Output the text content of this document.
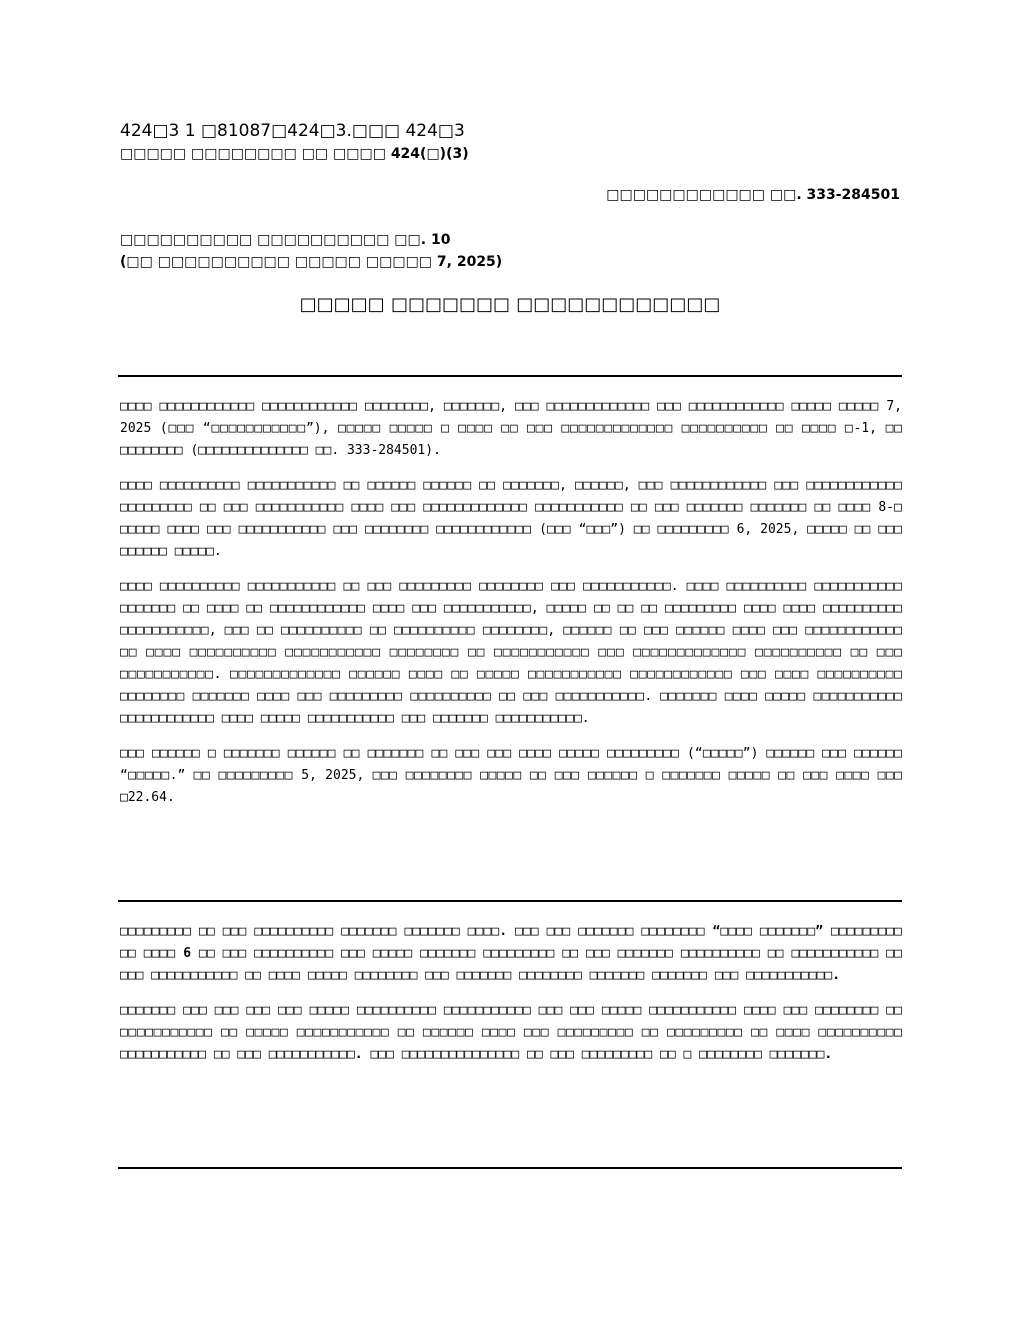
424□3 1 □81087□424□3.□□□ 424□3
□□□□□ □□□□□□□□ □□ □□□□ 424(□)(3)
□□□□□□□□□□□□ □□. 333-284501
□□□□□□□□□□ □□□□□□□□□□ □□. 10
(□□ □□□□□□□□□□ □□□□□ □□□□□ 7, 2025)
□□□□□ □□□□□□□ □□□□□□□□□□□□

□□□□ □□□□□□□□□□□□ □□□□□□□□□□□□ □□□□□□□□, □□□□□□□, □□□ □□□□□□□□□□□□□ □□□ □□□□□□□□□□□□ □□□□□ □□□□□ 7, 2025 (□□□ “□□□□□□□□□□□”), □□□□□ □□□□□ □ □□□□ □□ □□□ □□□□□□□□□□□□□ □□□□□□□□□□ □□ □□□□ □-1, □□ □□□□□□□□ (□□□□□□□□□□□□□□ □□. 333-284501).

□□□□ □□□□□□□□□□ □□□□□□□□□□□ □□ □□□□□□ □□□□□□ □□ □□□□□□□, □□□□□□, □□□ □□□□□□□□□□□□ □□□ □□□□□□□□□□□□ □□□□□□□□□ □□ □□□ □□□□□□□□□□□ □□□□ □□□ □□□□□□□□□□□□□ □□□□□□□□□□□ □□ □□□ □□□□□□□ □□□□□□□ □□ □□□□ 8-□ □□□□□ □□□□ □□□ □□□□□□□□□□□ □□□ □□□□□□□□ □□□□□□□□□□□□ (□□□ “□□□”) □□ □□□□□□□□□ 6, 2025, □□□□□ □□ □□□ □□□□□□ □□□□□.

□□□□ □□□□□□□□□□ □□□□□□□□□□□ □□ □□□ □□□□□□□□□ □□□□□□□□ □□□ □□□□□□□□□□□. □□□□ □□□□□□□□□□ □□□□□□□□□□□ □□□□□□□ □□ □□□□ □□ □□□□□□□□□□□□ □□□□ □□□ □□□□□□□□□□□, □□□□□ □□ □□ □□ □□□□□□□□□ □□□□ □□□□ □□□□□□□□□□ □□□□□□□□□□□, □□□ □□ □□□□□□□□□□ □□ □□□□□□□□□□ □□□□□□□□, □□□□□□ □□ □□□ □□□□□□ □□□□ □□□ □□□□□□□□□□□□ □□ □□□□ □□□□□□□□□□ □□□□□□□□□□□ □□□□□□□□ □□ □□□□□□□□□□□ □□□ □□□□□□□□□□□□□ □□□□□□□□□□ □□ □□□ □□□□□□□□□□□. □□□□□□□□□□□□□ □□□□□□ □□□□ □□ □□□□□ □□□□□□□□□□□ □□□□□□□□□□□□ □□□ □□□□ □□□□□□□□□□ □□□□□□□□ □□□□□□□ □□□□ □□□ □□□□□□□□□ □□□□□□□□□□ □□ □□□ □□□□□□□□□□□. □□□□□□□ □□□□ □□□□□ □□□□□□□□□□□ □□□□□□□□□□□□ □□□□ □□□□□ □□□□□□□□□□□ □□□ □□□□□□□ □□□□□□□□□□□.

□□□ □□□□□□ □ □□□□□□□ □□□□□□ □□ □□□□□□□ □□ □□□ □□□ □□□□ □□□□□ □□□□□□□□□ (“□□□□□”) □□□□□□ □□□ □□□□□□ “□□□□□.” □□ □□□□□□□□□ 5, 2025, □□□ □□□□□□□□ □□□□□ □□ □□□ □□□□□□ □ □□□□□□□ □□□□□ □□ □□□ □□□□ □□□ □22.64.

□□□□□□□□□ □□ □□□ □□□□□□□□□□ □□□□□□□ □□□□□□□ □□□□. □□□ □□□ □□□□□□□ □□□□□□□□ “□□□□ □□□□□□□” □□□□□□□□□ □□ □□□□ 6 □□ □□□ □□□□□□□□□□ □□□ □□□□□ □□□□□□□ □□□□□□□□□ □□ □□□ □□□□□□□ □□□□□□□□□□ □□ □□□□□□□□□□□ □□ □□□ □□□□□□□□□□□ □□ □□□□ □□□□□ □□□□□□□□ □□□ □□□□□□□ □□□□□□□□ □□□□□□□ □□□□□□□ □□□ □□□□□□□□□□□.

□□□□□□□ □□□ □□□ □□□ □□□ □□□□□ □□□□□□□□□□ □□□□□□□□□□□ □□□ □□□ □□□□□ □□□□□□□□□□□ □□□□ □□□ □□□□□□□□ □□ □□□□□□□□□□□ □□ □□□□□ □□□□□□□□□□□ □□ □□□□□□ □□□□ □□□ □□□□□□□□□ □□ □□□□□□□□□ □□ □□□□ □□□□□□□□□□ □□□□□□□□□□□ □□ □□□ □□□□□□□□□□□. □□□ □□□□□□□□□□□□□□□ □□ □□□ □□□□□□□□□ □□ □ □□□□□□□□ □□□□□□□.
